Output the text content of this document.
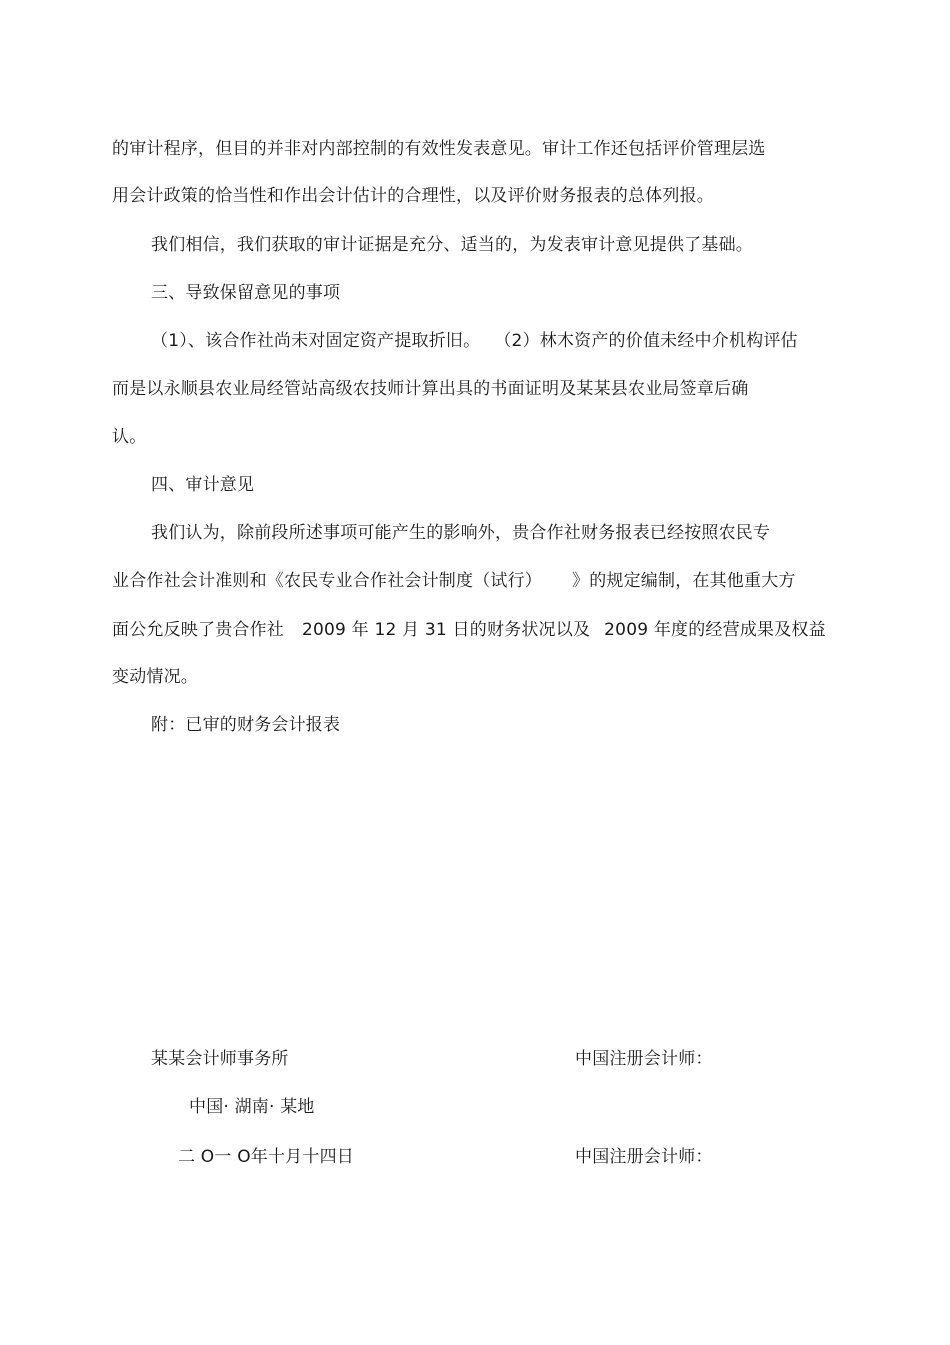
的审计程序，但目的并非对内部控制的有效性发表意见。审计工作还包括评价管理层选
用会计政策的恰当性和作出会计估计的合理性，以及评价财务报表的总体列报。
我们相信，我们获取的审计证据是充分、适当的，为发表审计意见提供了基础。
三、导致保留意见的事项
（1）、该合作社尚未对固定资产提取折旧。 （2）林木资产的价值未经中介机构评估
而是以永顺县农业局经管站高级农技师计算出具的书面证明及某某县农业局签章后确
认。
四、审计意见
我们认为，除前段所述事项可能产生的影响外，贵合作社财务报表已经按照农民专
业合作社会计准则和《农民专业合作社会计制度（试行） 》的规定编制，在其他重大方
面公允反映了贵合作社 2009 年 12 月 31 日的财务状况以及 2009 年度的经营成果及权益
变动情况。
附：已审的财务会计报表
某某会计师事务所	中国注册会计师：
中国· 湖南· 某地
二 O一 O年十月十四日	中国注册会计师：
